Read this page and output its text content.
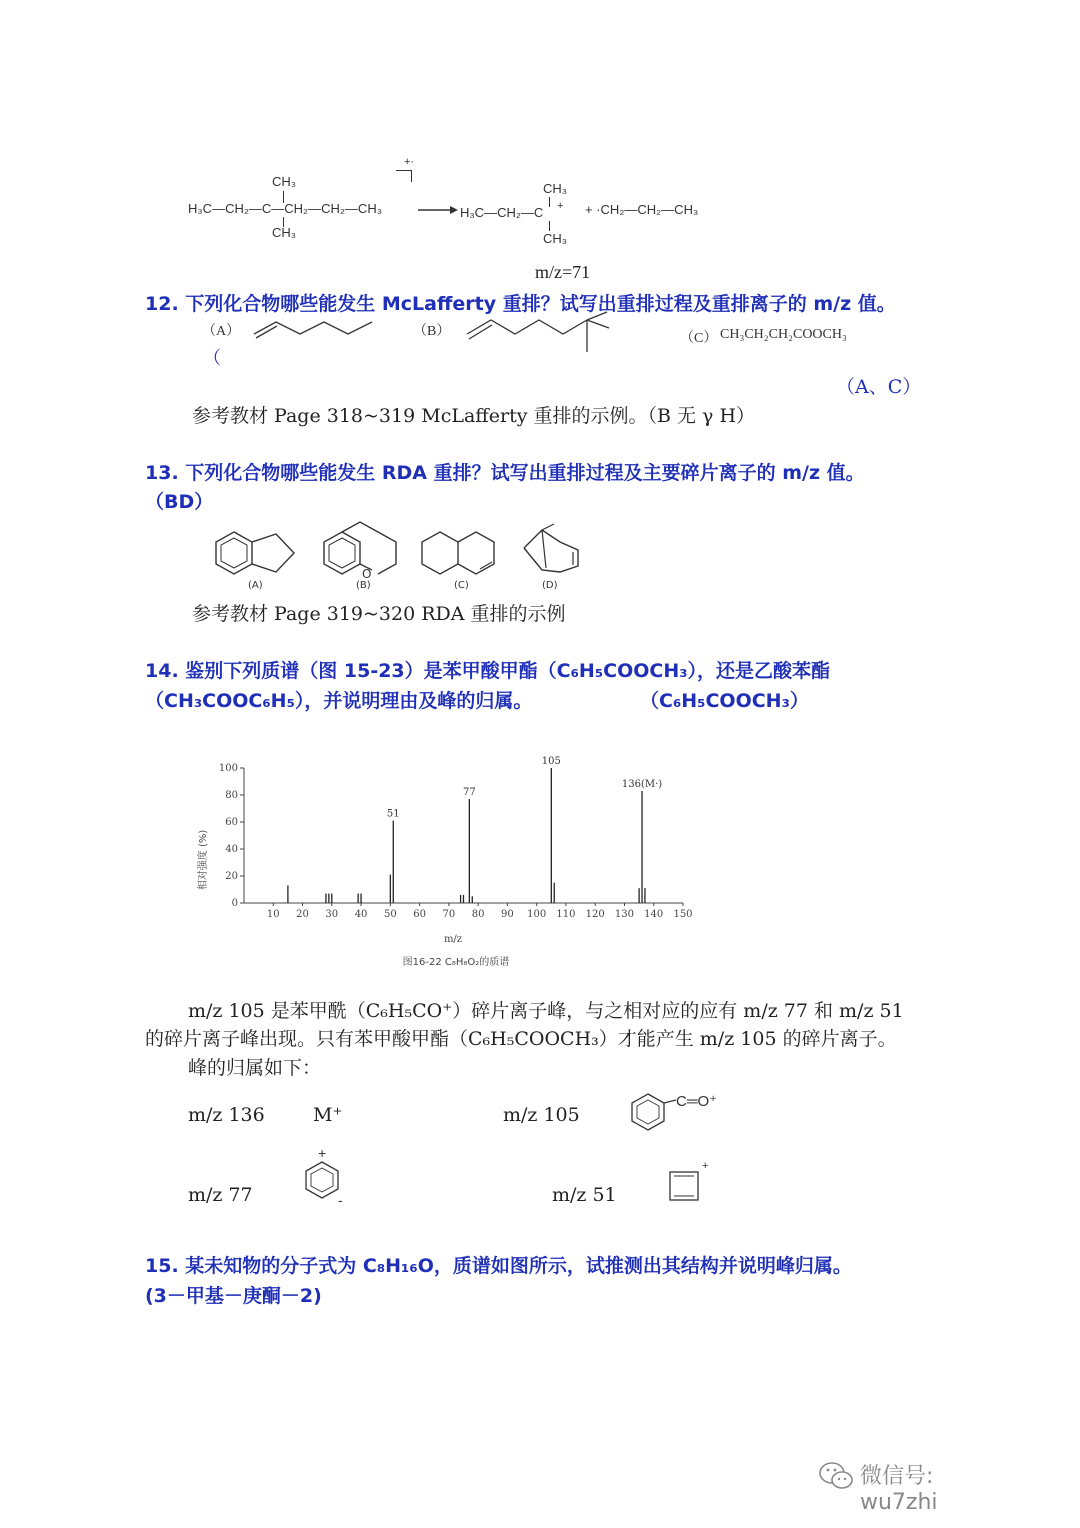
CH₃
H₃C—CH₂—C—CH₂—CH₂—CH₃
CH₃
+·
CH₃
H₃C—CH₂—C +
CH₃
+ ·CH₂—CH₂—CH₃
m/z=71
12. 下列化合物哪些能发生 McLafferty 重排？试写出重排过程及重排离子的 m/z 值。
（A）
（
（B）	（C） CH₃CH₂CH₂COOCH₃
（A、C）
参考教材 Page 318~319 McLafferty 重排的示例。（B 无 γ H）
13. 下列化合物哪些能发生 RDA 重排？试写出重排过程及主要碎片离子的 m/z 值。
（BD）
(A)
O
(B)	(C)	(D)
参考教材 Page 319~320 RDA 重排的示例
14. 鉴别下列质谱（图 15-23）是苯甲酸甲酯（C₆H₅COOCH₃），还是乙酸苯酯
（CH₃COOC₆H₅），并说明理由及峰的归属。	（C₆H₅COOCH₃）
0
20
40
60
80
100
10 20 30 40 50 60 70 80 90 100 110 120 130 140 150
51
77
105
136(M·)
相对强度 (%)
m/z
图16-22 C₈H₈O₂的质谱
m/z 105 是苯甲酰（C₆H₅CO⁺）碎片离子峰，与之相对应的应有 m/z 77 和 m/z 51
的碎片离子峰出现。只有苯甲酸甲酯（C₆H₅COOCH₃）才能产生 m/z 105 的碎片离子。
峰的归属如下：
m/z 136	M⁺	m/z 105
C═O⁺
m/z 77
+
-	m/z 51
+
15. 某未知物的分子式为 C₈H₁₆O，质谱如图所示，试推测出其结构并说明峰归属。
(3－甲基－庚酮－2)
微信号: wu7zhi
